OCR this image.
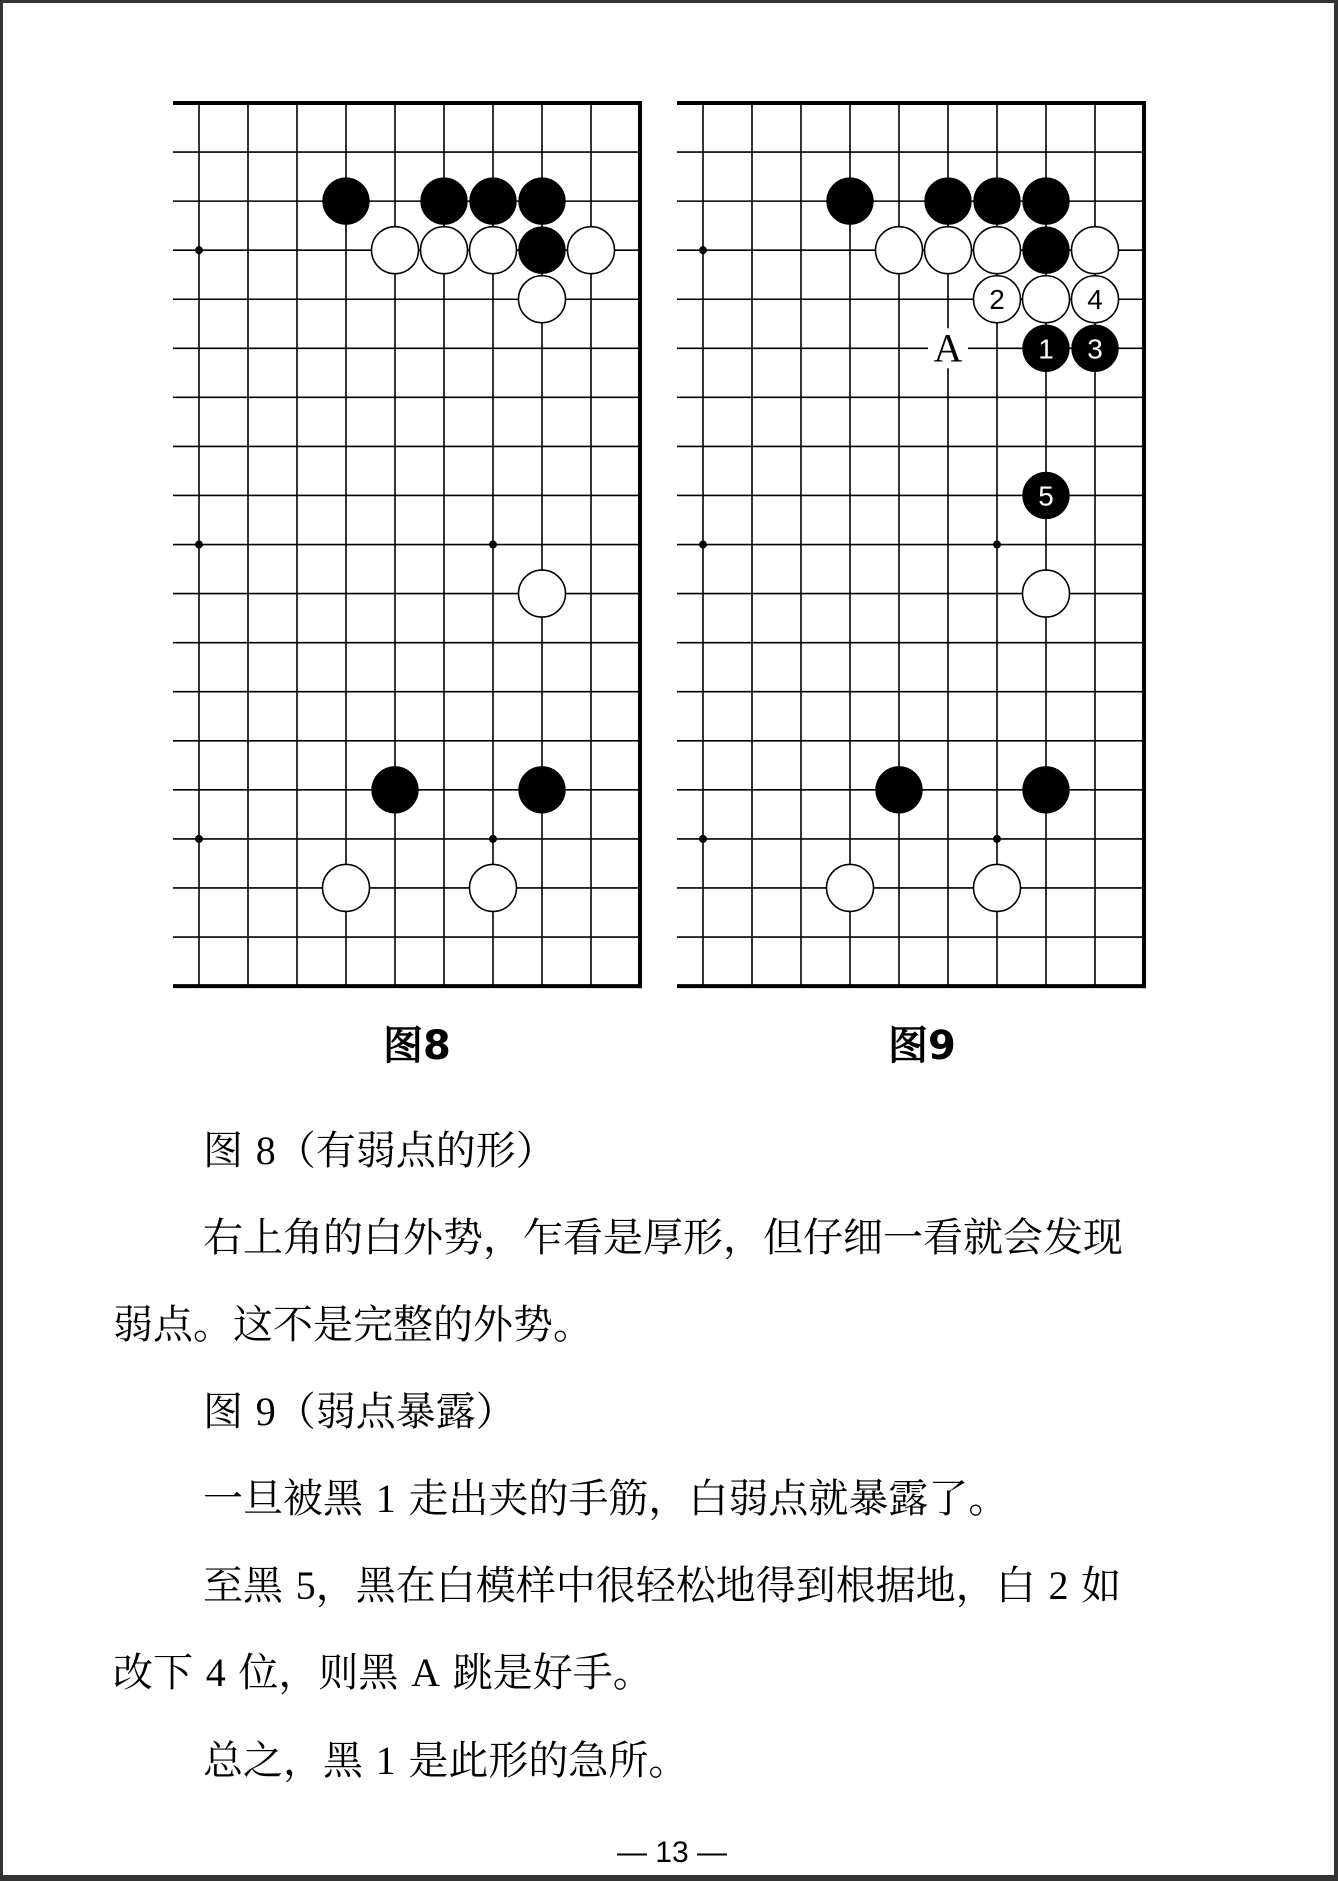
2	4
1 3
5
A
图8	图9
图 8（有弱点的形）
右上角的白外势，乍看是厚形，但仔细一看就会发现
弱点。这不是完整的外势。
图 9（弱点暴露）
一旦被黑 1 走出夹的手筋，白弱点就暴露了。
至黑 5，黑在白模样中很轻松地得到根据地，白 2 如
改下 4 位，则黑 A 跳是好手。
总之，黑 1 是此形的急所。
— 13 —
